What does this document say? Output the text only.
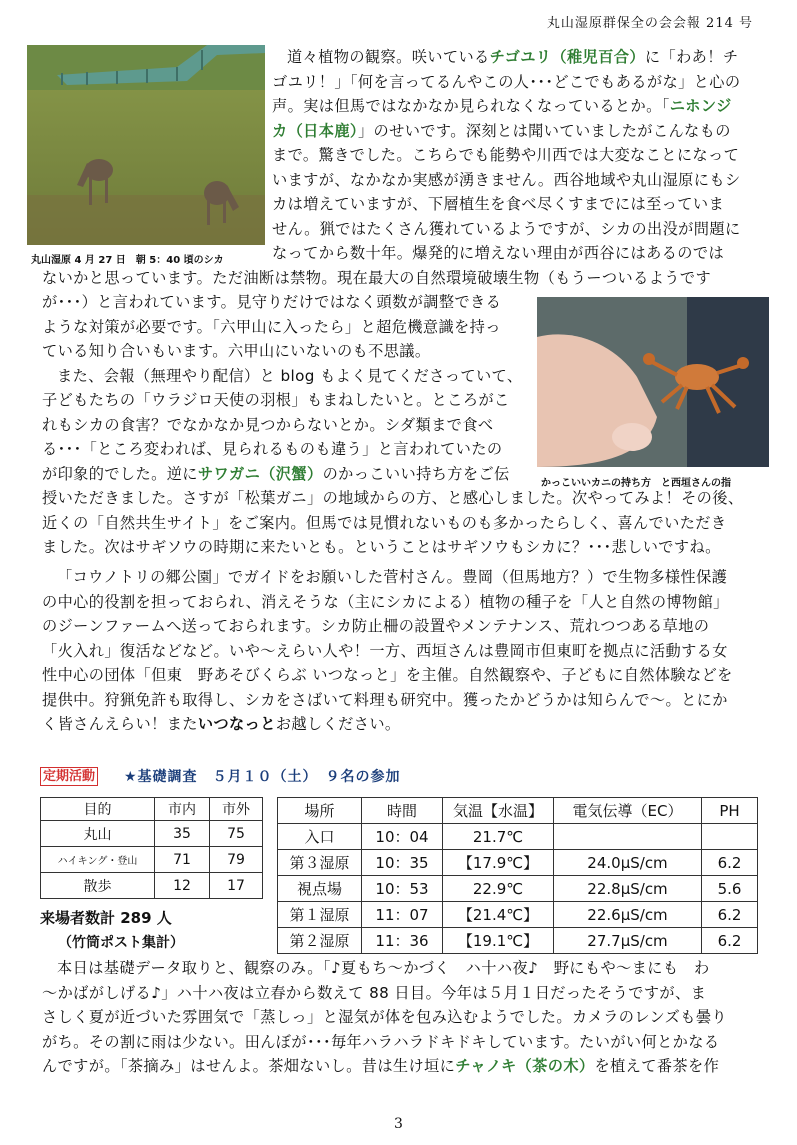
丸山湿原群保全の会会報 214 号
丸山湿原 4 月 27 日　朝 5：40 頃のシカ
かっこいいカニの持ち方　と西垣さんの指
道々植物の観察。咲いているチゴユリ（稚児百合）に「わあ！チ
ゴユリ！」「何を言ってるんやこの人･･･どこでもあるがな」と心の
声。実は但馬ではなかなか見られなくなっているとか。「ニホンジ
カ（日本鹿）」のせいです。深刻とは聞いていましたがこんなもの
まで。驚きでした。こちらでも能勢や川西では大変なことになって
いますが、なかなか実感が湧きません。西谷地域や丸山湿原にもシ
カは増えていますが、下層植生を食べ尽くすまでには至っていま
せん。猟ではたくさん獲れているようですが、シカの出没が問題に
なってから数十年。爆発的に増えない理由が西谷にはあるのでは
ないかと思っています。ただ油断は禁物。現在最大の自然環境破壊生物（もうーついるようです
が･･･）と言われています。見守りだけではなく頭数が調整できる
ような対策が必要です。「六甲山に入ったら」と超危機意識を持っ
ている知り合いもいます。六甲山にいないのも不思議。
また、会報（無理やり配信）と blog もよく見てくださっていて、
子どもたちの「ウラジロ天使の羽根」もまねしたいと。ところがこ
れもシカの食害？でなかなか見つからないとか。シダ類まで食べ
る･･･「ところ変われば、見られるものも違う」と言われていたの
が印象的でした。逆にサワガニ（沢蟹）のかっこいい持ち方をご伝
授いただきました。さすが「松葉ガニ」の地域からの方、と感心しました。次やってみよ！その後、
近くの「自然共生サイト」をご案内。但馬では見慣れないものも多かったらしく、喜んでいただき
ました。次はサギソウの時期に来たいとも。ということはサギソウもシカに？･･･悲しいですね。
「コウノトリの郷公園」でガイドをお願いした菅村さん。豊岡（但馬地方？）で生物多様性保護
の中心的役割を担っておられ、消えそうな（主にシカによる）植物の種子を「人と自然の博物館」
のジーンファームへ送っておられます。シカ防止柵の設置やメンテナンス、荒れつつある草地の
「火入れ」復活などなど。いや～えらい人や！一方、西垣さんは豊岡市但東町を拠点に活動する女
性中心の団体「但東　野あそびくらぶ いつなっと」を主催。自然観察や、子どもに自然体験などを
提供中。狩猟免許も取得し、シカをさばいて料理も研究中。獲ったかどうかは知らんで～。とにか
く皆さんえらい！またいつなっとお越しください。
定期活動 ★基礎調査　５月１０（土）　９名の参加
目的	市内	市外
丸山	35	75
ハイキング・登山	71	79
散歩	12	17
来場者数計 289 人
（竹筒ポスト集計）
場所	時間	気温【水温】	電気伝導（EC）	PH
入口	10：04	21.7℃		
第３湿原	10：35	【17.9℃】	24.0μS/cm	6.2
視点場	10：53	22.9℃	22.8μS/cm	5.6
第１湿原	11：07	【21.4℃】	22.6μS/cm	6.2
第２湿原	11：36	【19.1℃】	27.7μS/cm	6.2
本日は基礎データ取りと、観察のみ。「♪夏もち～かづく　ハ十ハ夜♪　野にもや～まにも　わ
～かばがしげる♪」ハ十ハ夜は立春から数えて 88 日目。今年は５月１日だったそうですが、ま
さしく夏が近づいた雰囲気で「蒸しっ」と湿気が体を包み込むようでした。カメラのレンズも曇り
がち。その割に雨は少ない。田んぼが･･･毎年ハラハラドキドキしています。たいがい何とかなる
んですが。「茶摘み」はせんよ。茶畑ないし。昔は生け垣にチャノキ（茶の木）を植えて番茶を作
3
